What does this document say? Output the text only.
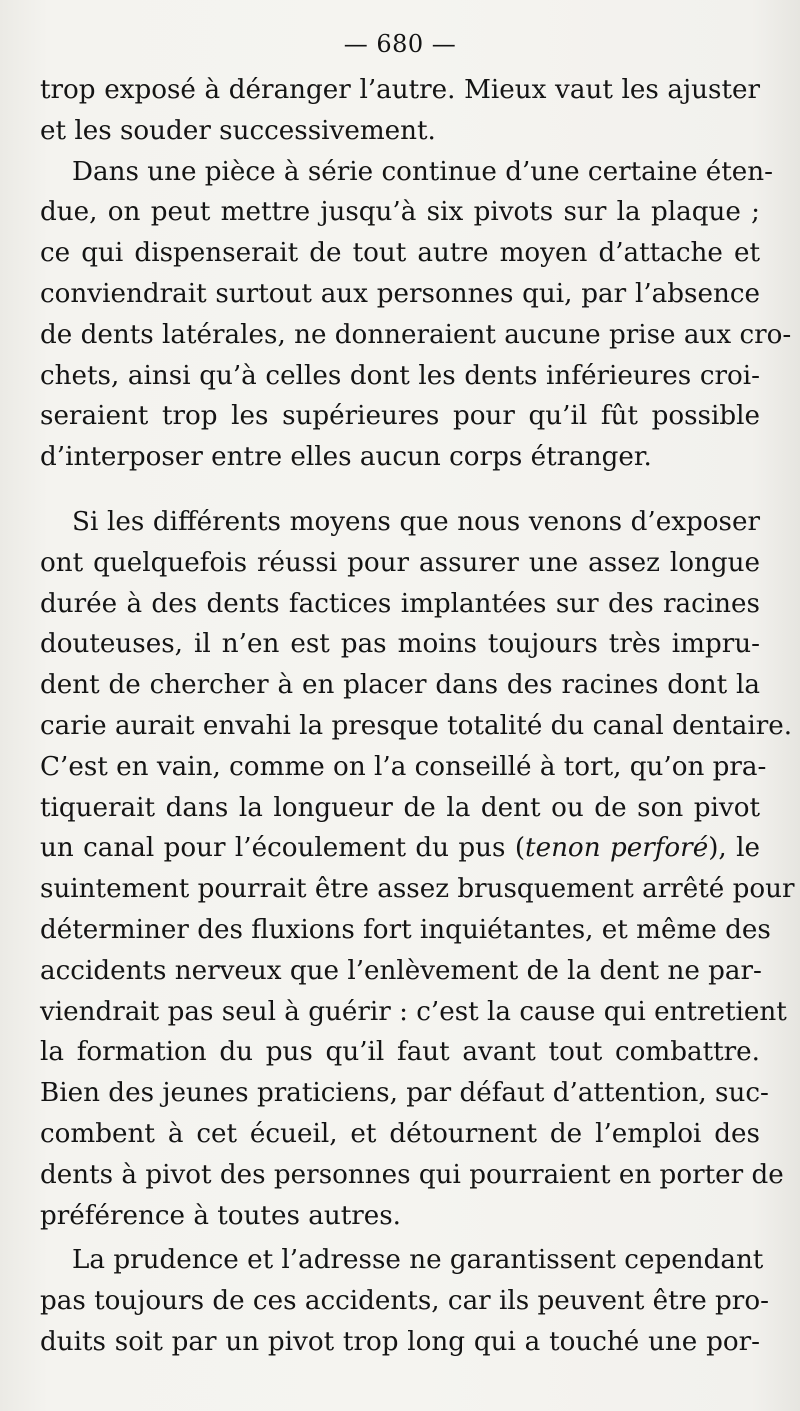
— 680 —
trop exposé à déranger l’autre. Mieux vaut les ajuster
et les souder successivement.
Dans une pièce à série continue d’une certaine éten-
due, on peut mettre jusqu’à six pivots sur la plaque ;
ce qui dispenserait de tout autre moyen d’attache et
conviendrait surtout aux personnes qui, par l’absence
de dents latérales, ne donneraient aucune prise aux cro-
chets, ainsi qu’à celles dont les dents inférieures croi-
seraient trop les supérieures pour qu’il fût possible
d’interposer entre elles aucun corps étranger.
Si les différents moyens que nous venons d’exposer
ont quelquefois réussi pour assurer une assez longue
durée à des dents factices implantées sur des racines
douteuses, il n’en est pas moins toujours très impru-
dent de chercher à en placer dans des racines dont la
carie aurait envahi la presque totalité du canal dentaire.
C’est en vain, comme on l’a conseillé à tort, qu’on pra-
tiquerait dans la longueur de la dent ou de son pivot
un canal pour l’écoulement du pus (tenon perforé), le
suintement pourrait être assez brusquement arrêté pour
déterminer des fluxions fort inquiétantes, et même des
accidents nerveux que l’enlèvement de la dent ne par-
viendrait pas seul à guérir : c’est la cause qui entretient
la formation du pus qu’il faut avant tout combattre.
Bien des jeunes praticiens, par défaut d’attention, suc-
combent à cet écueil, et détournent de l’emploi des
dents à pivot des personnes qui pourraient en porter de
préférence à toutes autres.
La prudence et l’adresse ne garantissent cependant
pas toujours de ces accidents, car ils peuvent être pro-
duits soit par un pivot trop long qui a touché une por-
